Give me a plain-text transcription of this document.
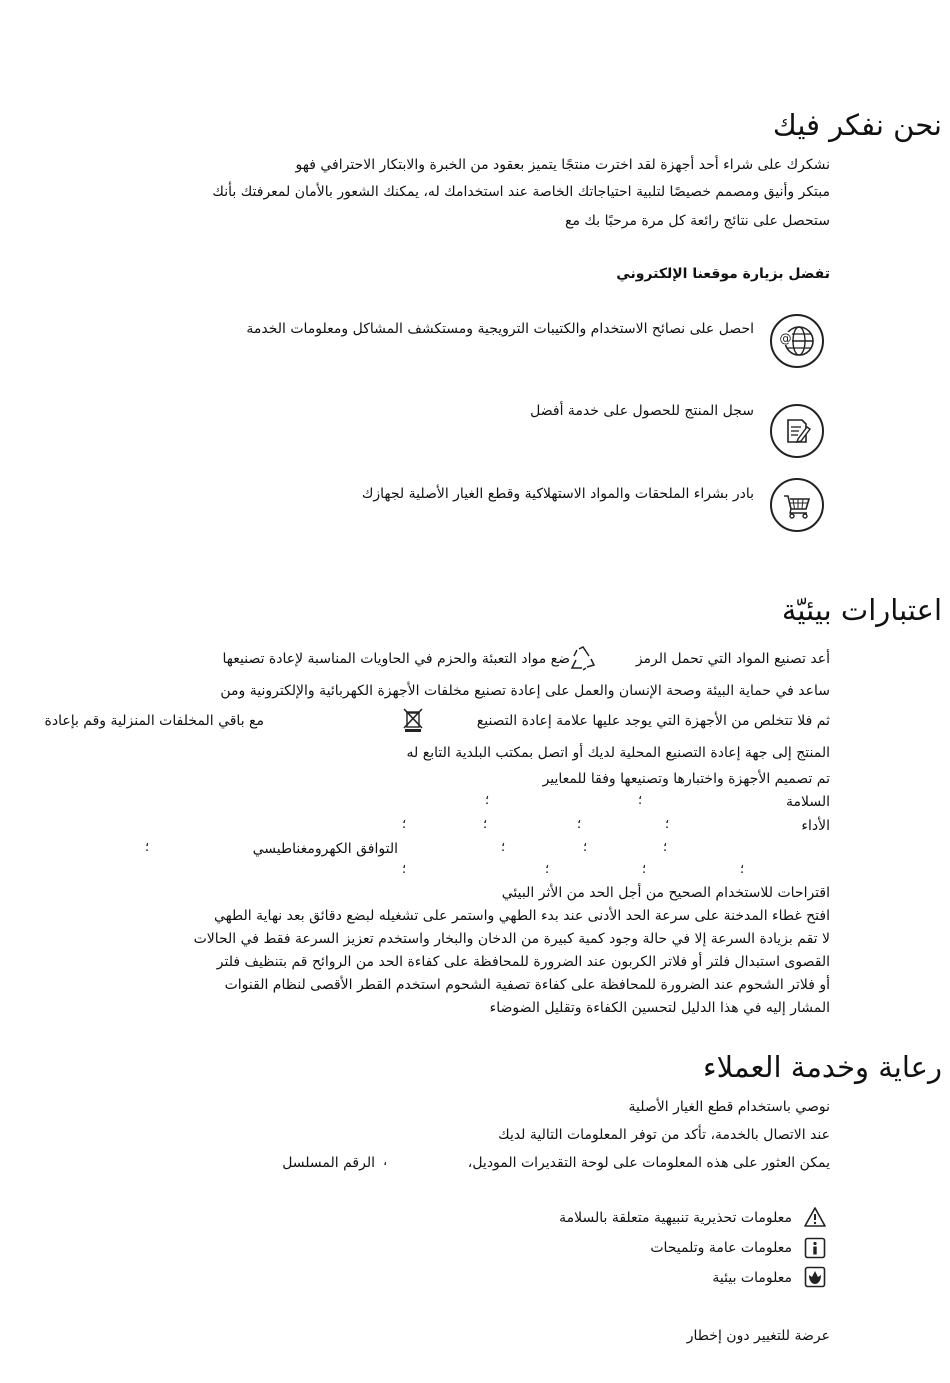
نحن نفكر فيك
نشكرك على شراء أحد أجهزة لقد اخترت منتجًا يتميز بعقود من الخبرة والابتكار الاحترافي فهو
مبتكر وأنيق ومصمم خصيصًا لتلبية احتياجاتك الخاصة عند استخدامك له، يمكنك الشعور بالأمان لمعرفتك بأنك
ستحصل على نتائج رائعة كل مرة مرحبًا بك مع
تفضل بزيارة موقعنا الإلكتروني
@
احصل على نصائح الاستخدام والكتيبات الترويجية ومستكشف المشاكل ومعلومات الخدمة
سجل المنتج للحصول على خدمة أفضل
بادر بشراء الملحقات والمواد الاستهلاكية وقطع الغيار الأصلية لجهازك
اعتبارات بيئيّة
أعد تصنيع المواد التي تحمل الرمز
ضع مواد التعبئة والحزم في الحاويات المناسبة لإعادة تصنيعها
ساعد في حماية البيئة وصحة الإنسان والعمل على إعادة تصنيع مخلفات الأجهزة الكهربائية والإلكترونية ومن
ثم فلا تتخلص من الأجهزة التي يوجد عليها علامة إعادة التصنيع
مع باقي المخلفات المنزلية وقم بإعادة
المنتج إلى جهة إعادة التصنيع المحلية لديك أو اتصل بمكتب البلدية التابع له
تم تصميم الأجهزة واختبارها وتصنيعها وفقا للمعايير
السلامة
؛
؛
الأداء
؛
؛
؛
؛
؛
؛
؛
التوافق الكهرومغناطيسي
؛
؛
؛
؛
؛
اقتراحات للاستخدام الصحيح من أجل الحد من الأثر البيئي
افتح غطاء المدخنة على سرعة الحد الأدنى عند بدء الطهي واستمر على تشغيله لبضع دقائق بعد نهاية الطهي
لا تقم بزيادة السرعة إلا في حالة وجود كمية كبيرة من الدخان والبخار واستخدم تعزيز السرعة فقط في الحالات
القصوى استبدال فلتر أو فلاتر الكربون عند الضرورة للمحافظة على كفاءة الحد من الروائح قم بتنظيف فلتر
أو فلاتر الشحوم عند الضرورة للمحافظة على كفاءة تصفية الشحوم استخدم القطر الأقصى لنظام القنوات
المشار إليه في هذا الدليل لتحسين الكفاءة وتقليل الضوضاء
رعاية وخدمة العملاء
نوصي باستخدام قطع الغيار الأصلية
عند الاتصال بالخدمة، تأكد من توفر المعلومات التالية لديك
يمكن العثور على هذه المعلومات على لوحة التقديرات الموديل،
،
الرقم المسلسل
معلومات تحذيرية تنبيهية متعلقة بالسلامة
معلومات عامة وتلميحات
معلومات بيئية
عرضة للتغيير دون إخطار
